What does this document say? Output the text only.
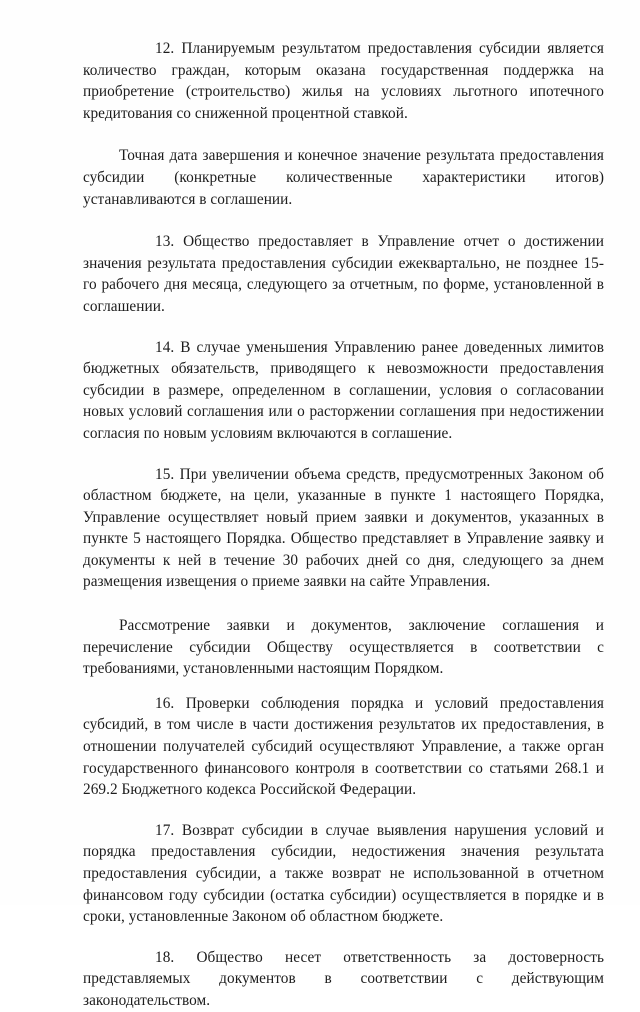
12. Планируемым результатом предоставления субсидии является количество граждан, которым оказана государственная поддержка на приобретение (строительство) жилья на условиях льготного ипотечного кредитования со сниженной процентной ставкой.

Точная дата завершения и конечное значение результата предоставления субсидии (конкретные количественные характеристики итогов) устанавливаются в соглашении.

13. Общество предоставляет в Управление отчет о достижении значения результата предоставления субсидии ежеквартально, не позднее 15-го рабочего дня месяца, следующего за отчетным, по форме, установленной в соглашении.

14. В случае уменьшения Управлению ранее доведенных лимитов бюджетных обязательств, приводящего к невозможности предоставления субсидии в размере, определенном в соглашении, условия о согласовании новых условий соглашения или о расторжении соглашения при недостижении согласия по новым условиям включаются в соглашение.

15. При увеличении объема средств, предусмотренных Законом об областном бюджете, на цели, указанные в пункте 1 настоящего Порядка, Управление осуществляет новый прием заявки и документов, указанных в пункте 5 настоящего Порядка. Общество представляет в Управление заявку и документы к ней в течение 30 рабочих дней со дня, следующего за днем размещения извещения о приеме заявки на сайте Управления.

Рассмотрение заявки и документов, заключение соглашения и перечисление субсидии Обществу осуществляется в соответствии с требованиями, установленными настоящим Порядком.

16. Проверки соблюдения порядка и условий предоставления субсидий, в том числе в части достижения результатов их предоставления, в отношении получателей субсидий осуществляют Управление, а также орган государственного финансового контроля в соответствии со статьями 268.1 и 269.2 Бюджетного кодекса Российской Федерации.

17. Возврат субсидии в случае выявления нарушения условий и порядка предоставления субсидии, недостижения значения результата предоставления субсидии, а также возврат не использованной в отчетном финансовом году субсидии (остатка субсидии) осуществляется в порядке и в сроки, установленные Законом об областном бюджете.

18. Общество несет ответственность за достоверность представляемых документов в соответствии с действующим законодательством.
